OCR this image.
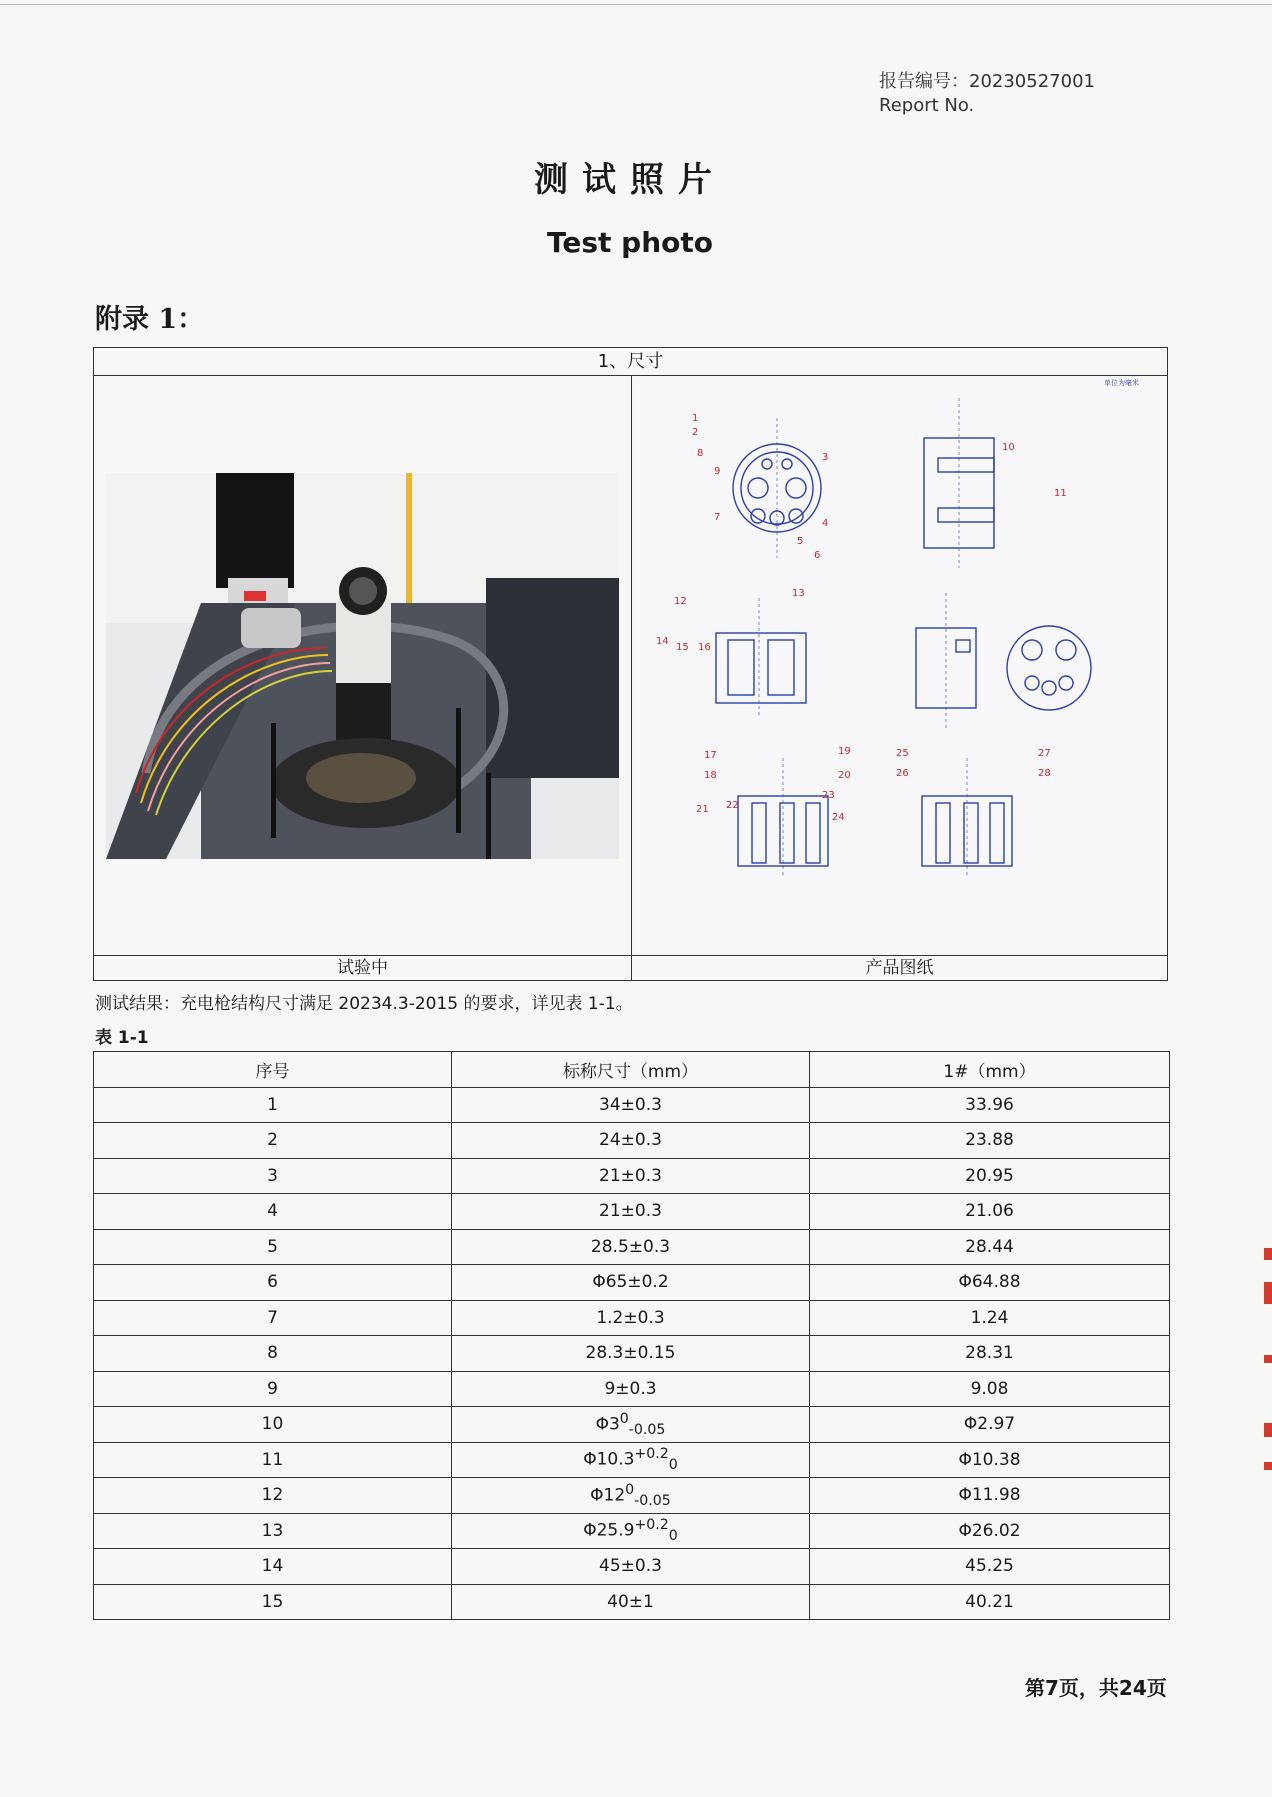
报告编号：20230527001
Report No.
测试照片
Test photo
附录 1：
1、尺寸
单位为毫米
1
2
3
4
5
6
7
8
9
10
11
12
13
14
15 16
17
18
19
20
21 22
23
24
25
26
27
28
试验中	产品图纸
测试结果：充电枪结构尺寸满足 20234.3-2015 的要求，详见表 1-1。
表 1-1
序号	标称尺寸（mm）	1#（mm）
1	34±0.3	33.96
2	24±0.3	23.88
3	21±0.3	20.95
4	21±0.3	21.06
5	28.5±0.3	28.44
6	Φ65±0.2	Φ64.88
7	1.2±0.3	1.24
8	28.3±0.15	28.31
9	9±0.3	9.08
10	$\Phi 3^0_{-0.05}$	Φ2.97
11	$\Phi 10.3^{+0.2}_0$	Φ10.38
12	$\Phi 12^0_{-0.05}$	Φ11.98
13	$\Phi 25.9^{+0.2}_0$	Φ26.02
14	45±0.3	45.25
15	40±1	40.21
第7页，共24页
